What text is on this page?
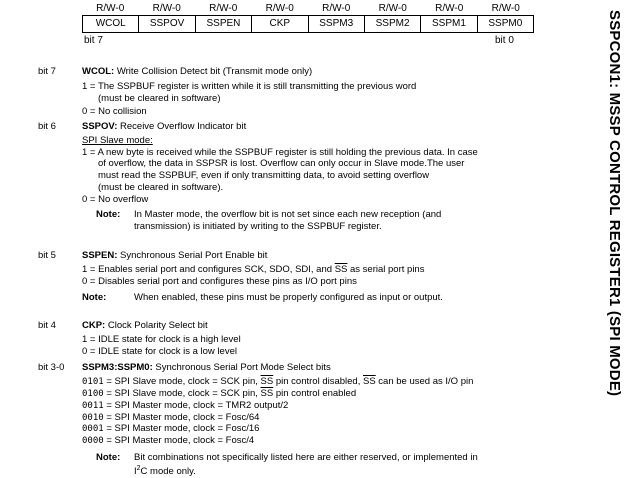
R/W-0	R/W-0	R/W-0	R/W-0	R/W-0	R/W-0	R/W-0	R/W-0
WCOL	SSPOV	SSPEN	CKP	SSPM3	SSPM2	SSPM1	SSPM0
bit 7	bit 0
bit 7	WCOL: Write Collision Detect bit (Transmit mode only)
1 = The SSPBUF register is written while it is still transmitting the previous word
(must be cleared in software)
0 = No collision
bit 6	SSPOV: Receive Overflow Indicator bit
SPI Slave mode:
1 = A new byte is received while the SSPBUF register is still holding the previous data. In case
of overflow, the data in SSPSR is lost. Overflow can only occur in Slave mode.The user
must read the SSPBUF, even if only transmitting data, to avoid setting overflow
(must be cleared in software).
0 = No overflow
Note: In Master mode, the overflow bit is not set since each new reception (and
transmission) is initiated by writing to the SSPBUF register.
bit 5	SSPEN: Synchronous Serial Port Enable bit
1 = Enables serial port and configures SCK, SDO, SDI, and $\overline{SS}$ as serial port pins
0 = Disables serial port and configures these pins as I/O port pins
Note:	When enabled, these pins must be properly configured as input or output.
bit 4	CKP: Clock Polarity Select bit
1 = IDLE state for clock is a high level
0 = IDLE state for clock is a low level
bit 3-0 SSPM3:SSPM0: Synchronous Serial Port Mode Select bits
0101 = SPI Slave mode, clock = SCK pin, $\overline{SS}$ pin control disabled, $\overline{SS}$ can be used as I/O pin
0100 = SPI Slave mode, clock = SCK pin, $\overline{SS}$ pin control enabled
0011 = SPI Master mode, clock = TMR2 output/2
0010 = SPI Master mode, clock = Fosc/64
0001 = SPI Master mode, clock = Fosc/16
0000 = SPI Master mode, clock = Fosc/4
Note: Bit combinations not specifically listed here are either reserved, or implemented in
$I^2C$ mode only.
SSPCON1: MSSP CONTROL REGISTER1 (SPI MODE)
